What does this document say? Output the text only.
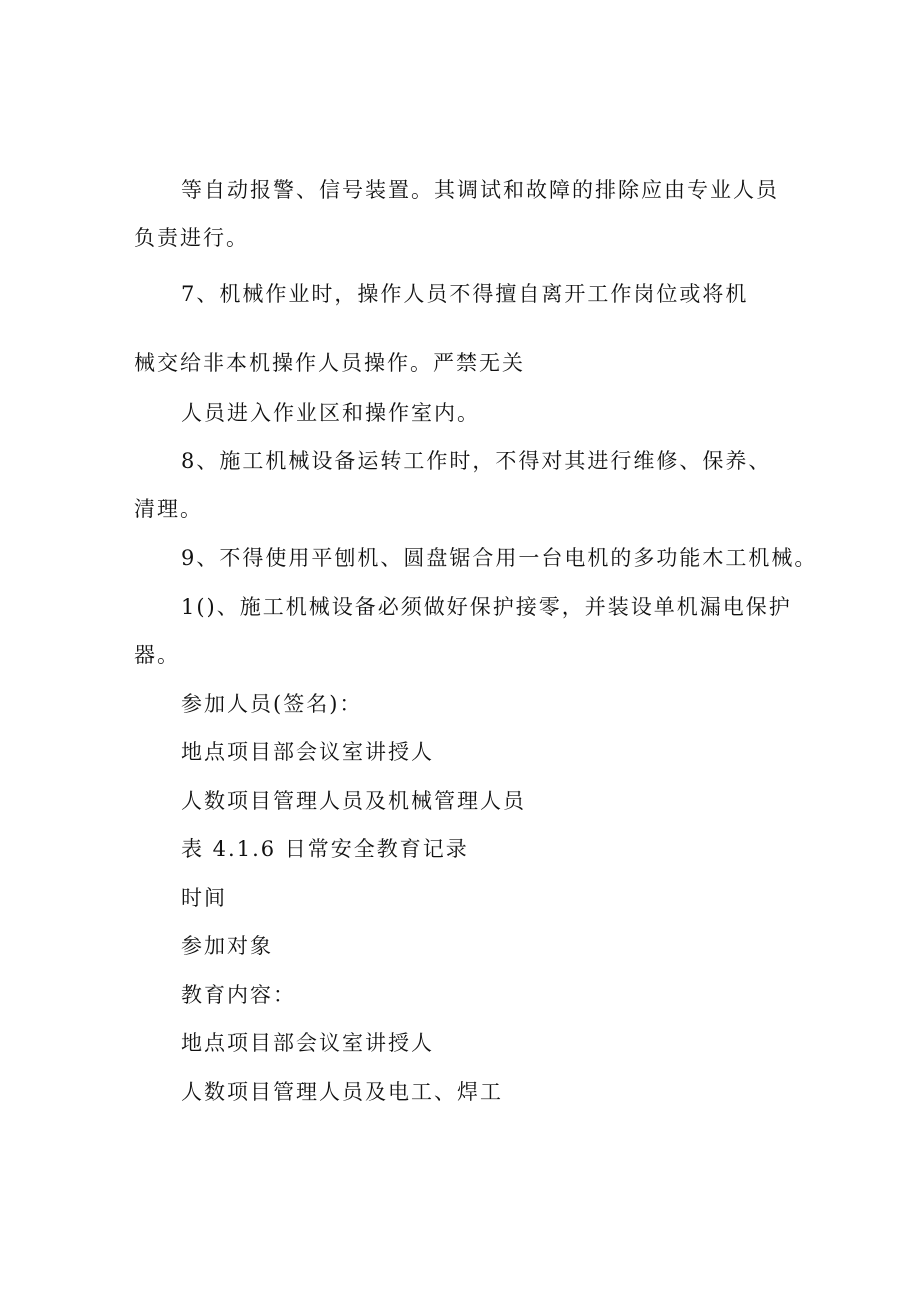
等自动报警、信号装置。其调试和故障的排除应由专业人员
负责进行。
7、机械作业时，操作人员不得擅自离开工作岗位或将机
械交给非本机操作人员操作。严禁无关
人员进入作业区和操作室内。
8、施工机械设备运转工作时，不得对其进行维修、保养、
清理。
9、不得使用平刨机、圆盘锯合用一台电机的多功能木工机械。
1()、施工机械设备必须做好保护接零，并装设单机漏电保护
器。
参加人员(签名)：
地点项目部会议室讲授人
人数项目管理人员及机械管理人员
表 4.1.6 日常安全教育记录
时间
参加对象
教育内容：
地点项目部会议室讲授人
人数项目管理人员及电工、焊工
